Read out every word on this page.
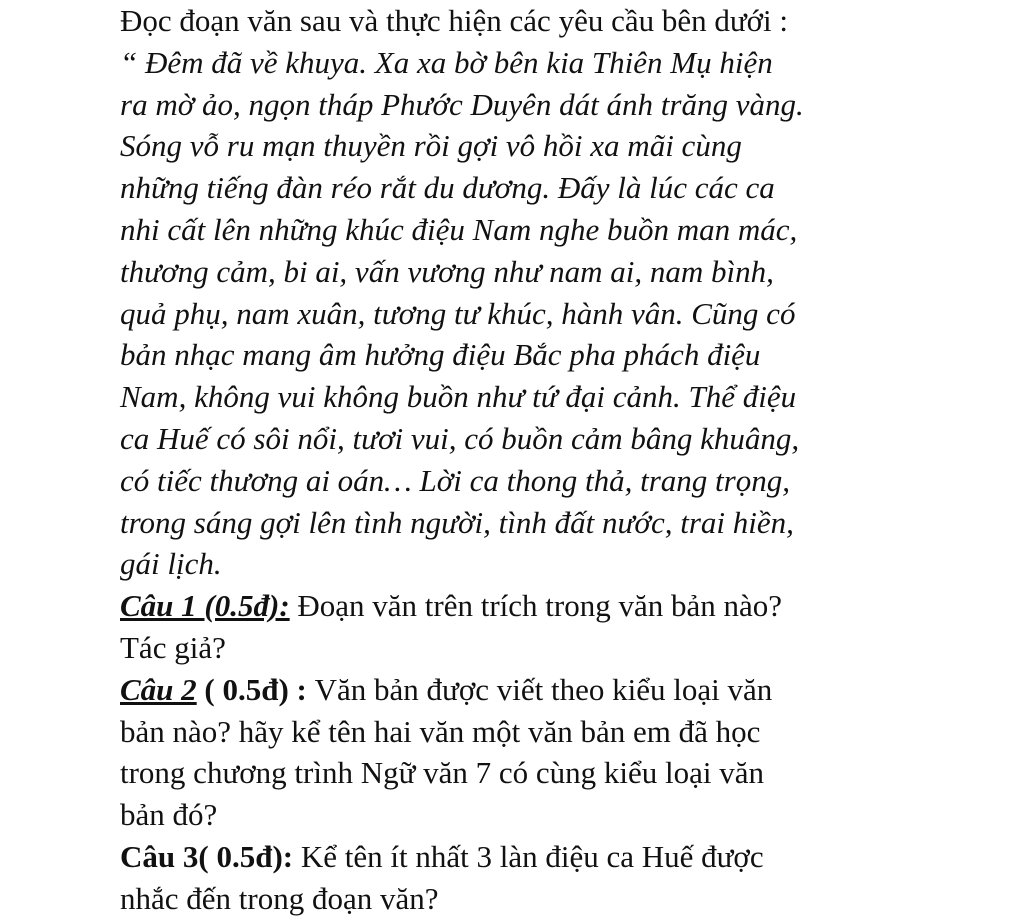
Đọc đoạn văn sau và thực hiện các yêu cầu bên dưới :
“ Đêm đã về khuya. Xa xa bờ bên kia Thiên Mụ hiện
ra mờ ảo, ngọn tháp Phước Duyên dát ánh trăng vàng.
Sóng vỗ ru mạn thuyền rồi gợi vô hồi xa mãi cùng
những tiếng đàn réo rắt du dương. Đấy là lúc các ca
nhi cất lên những khúc điệu Nam nghe buồn man mác,
thương cảm, bi ai, vấn vương như nam ai, nam bình,
quả phụ, nam xuân, tương tư khúc, hành vân. Cũng có
bản nhạc mang âm hưởng điệu Bắc pha phách điệu
Nam, không vui không buồn như tứ đại cảnh. Thể điệu
ca Huế có sôi nổi, tươi vui, có buồn cảm bâng khuâng,
có tiếc thương ai oán… Lời ca thong thả, trang trọng,
trong sáng gợi lên tình người, tình đất nước, trai hiền,
gái lịch.
Câu 1 (0.5đ): Đoạn văn trên trích trong văn bản nào?
Tác giả?
Câu 2 ( 0.5đ) : Văn bản được viết theo kiểu loại văn
bản nào? hãy kể tên hai văn một văn bản em đã học
trong chương trình Ngữ văn 7 có cùng kiểu loại văn
bản đó?
Câu 3( 0.5đ): Kể tên ít nhất 3 làn điệu ca Huế được
nhắc đến trong đoạn văn?
